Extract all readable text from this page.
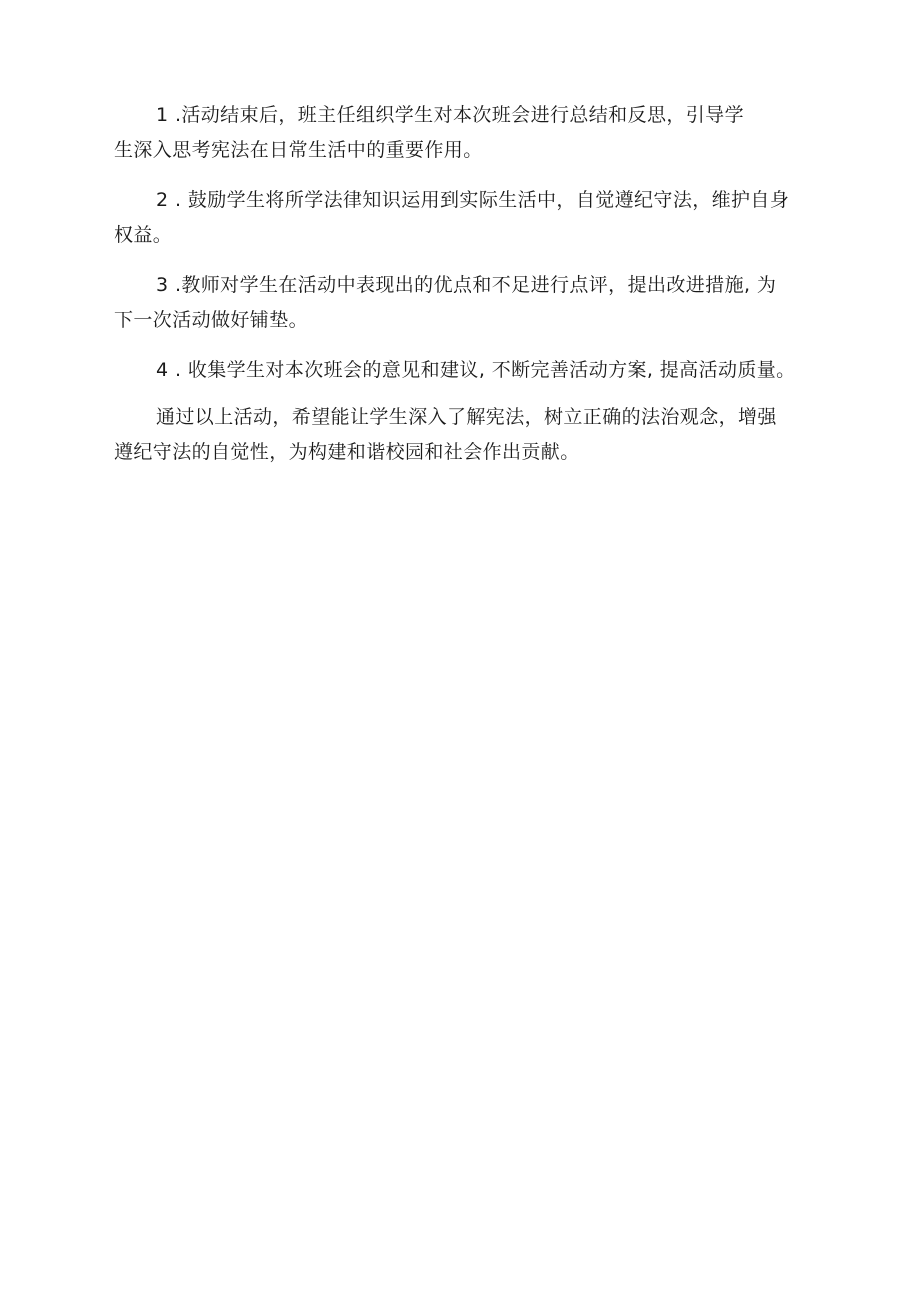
1 .活动结束后，班主任组织学生对本次班会进行总结和反思，引导学
生深入思考宪法在日常生活中的重要作用。
2 . 鼓励学生将所学法律知识运用到实际生活中，自觉遵纪守法，维护自身
权益。
3 .教师对学生在活动中表现出的优点和不足进行点评，提出改进措施, 为
下一次活动做好铺垫。
4 . 收集学生对本次班会的意见和建议, 不断完善活动方案, 提高活动质量。
通过以上活动，希望能让学生深入了解宪法，树立正确的法治观念，增强
遵纪守法的自觉性，为构建和谐校园和社会作出贡献。
